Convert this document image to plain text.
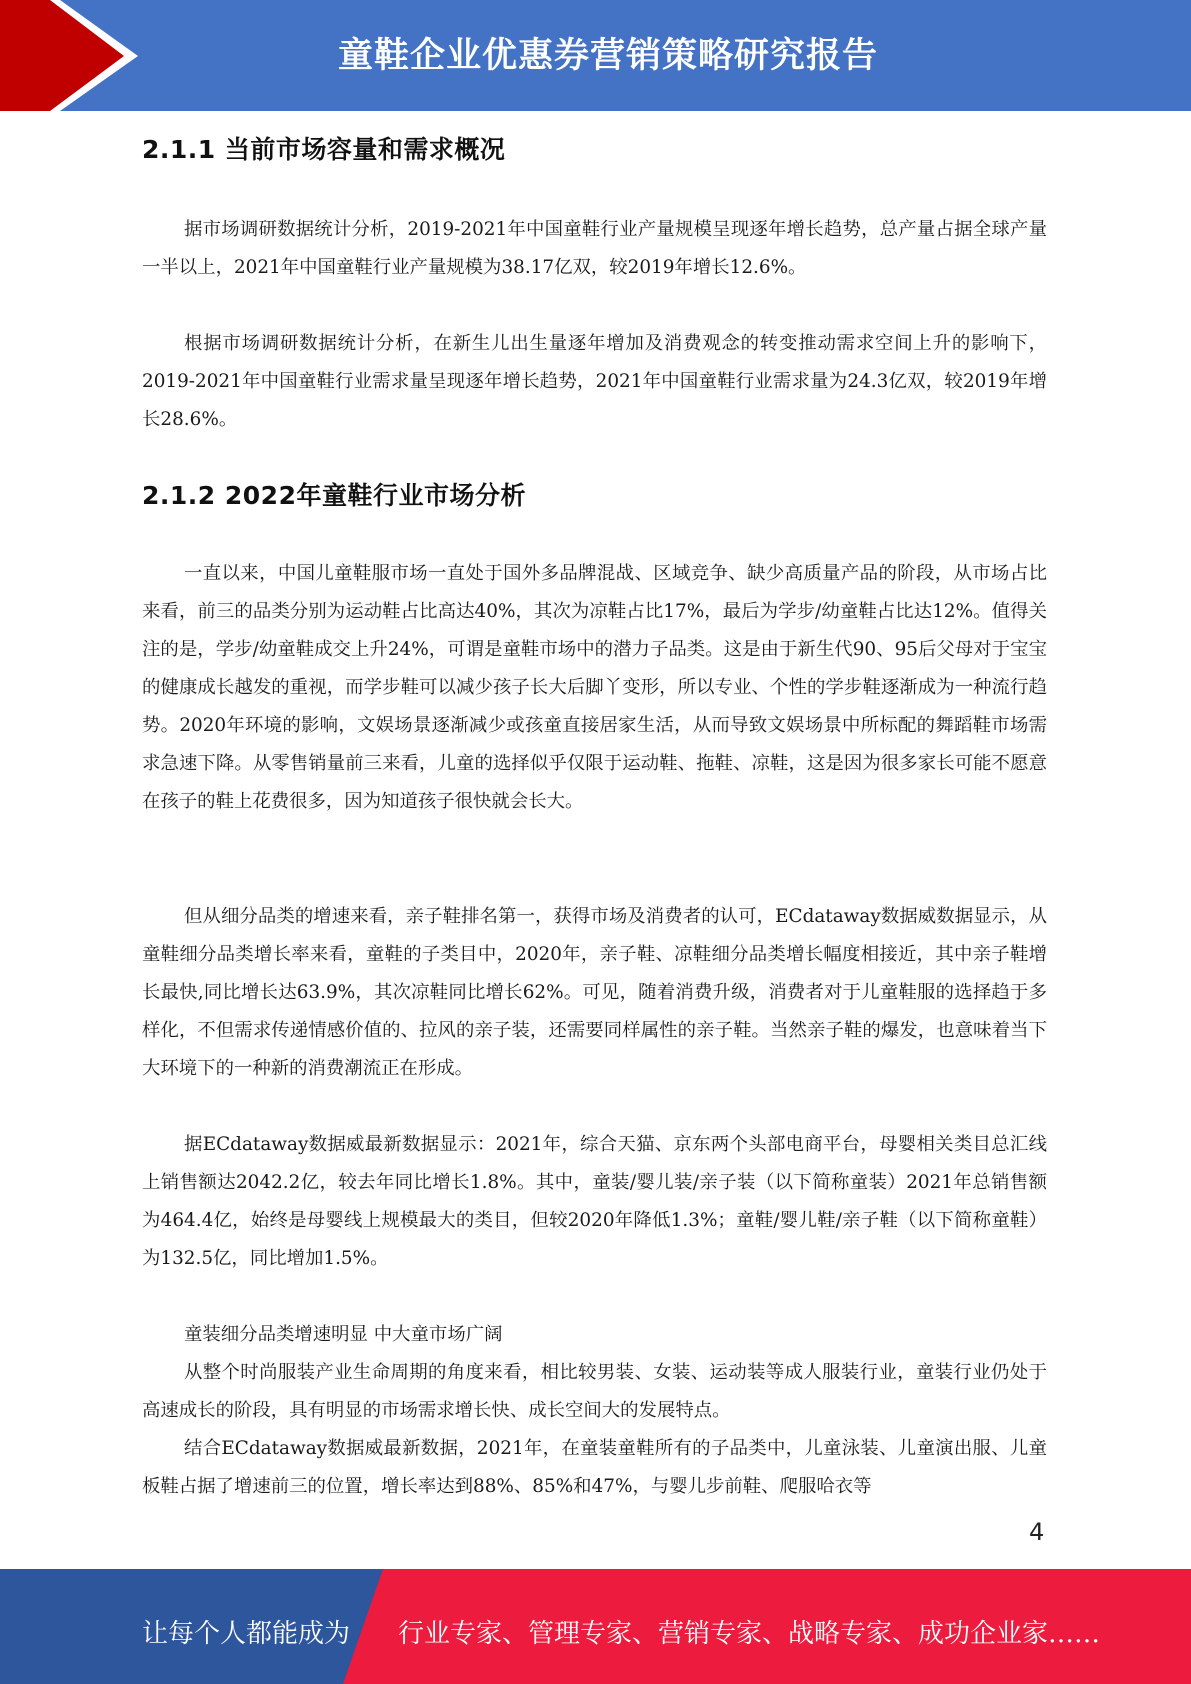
童鞋企业优惠券营销策略研究报告
2.1.1 当前市场容量和需求概况

据市场调研数据统计分析，2019-2021年中国童鞋行业产量规模呈现逐年增长趋势，总产量占据全球产量一半以上，2021年中国童鞋行业产量规模为38.17亿双，较2019年增长12.6%。

根据市场调研数据统计分析，在新生儿出生量逐年增加及消费观念的转变推动需求空间上升的影响下，2019-2021年中国童鞋行业需求量呈现逐年增长趋势，2021年中国童鞋行业需求量为24.3亿双，较2019年增长28.6%。

2.1.2 2022年童鞋行业市场分析

一直以来，中国儿童鞋服市场一直处于国外多品牌混战、区域竞争、缺少高质量产品的阶段，从市场占比来看，前三的品类分别为运动鞋占比高达40%，其次为凉鞋占比17%，最后为学步/幼童鞋占比达12%。值得关注的是，学步/幼童鞋成交上升24%，可谓是童鞋市场中的潜力子品类。这是由于新生代90、95后父母对于宝宝的健康成长越发的重视，而学步鞋可以减少孩子长大后脚丫变形，所以专业、个性的学步鞋逐渐成为一种流行趋势。2020年环境的影响，文娱场景逐渐减少或孩童直接居家生活，从而导致文娱场景中所标配的舞蹈鞋市场需求急速下降。从零售销量前三来看，儿童的选择似乎仅限于运动鞋、拖鞋、凉鞋，这是因为很多家长可能不愿意在孩子的鞋上花费很多，因为知道孩子很快就会长大。

但从细分品类的增速来看，亲子鞋排名第一，获得市场及消费者的认可，ECdataway数据威数据显示，从童鞋细分品类增长率来看，童鞋的子类目中，2020年，亲子鞋、凉鞋细分品类增长幅度相接近，其中亲子鞋增长最快,同比增长达63.9%，其次凉鞋同比增长62%。可见，随着消费升级，消费者对于儿童鞋服的选择趋于多样化，不但需求传递情感价值的、拉风的亲子装，还需要同样属性的亲子鞋。当然亲子鞋的爆发，也意味着当下大环境下的一种新的消费潮流正在形成。

据ECdataway数据威最新数据显示：2021年，综合天猫、京东两个头部电商平台，母婴相关类目总汇线上销售额达2042.2亿，较去年同比增长1.8%。其中，童装/婴儿装/亲子装（以下简称童装）2021年总销售额为464.4亿，始终是母婴线上规模最大的类目，但较2020年降低1.3%；童鞋/婴儿鞋/亲子鞋（以下简称童鞋）为132.5亿，同比增加1.5%。

童装细分品类增速明显 中大童市场广阔

从整个时尚服装产业生命周期的角度来看，相比较男装、女装、运动装等成人服装行业，童装行业仍处于高速成长的阶段，具有明显的市场需求增长快、成长空间大的发展特点。

结合ECdataway数据威最新数据，2021年，在童装童鞋所有的子品类中，儿童泳装、儿童演出服、儿童板鞋占据了增速前三的位置，增长率达到88%、85%和47%，与婴儿步前鞋、爬服哈衣等

4
让每个人都能成为 行业专家、管理专家、营销专家、战略专家、成功企业家……
